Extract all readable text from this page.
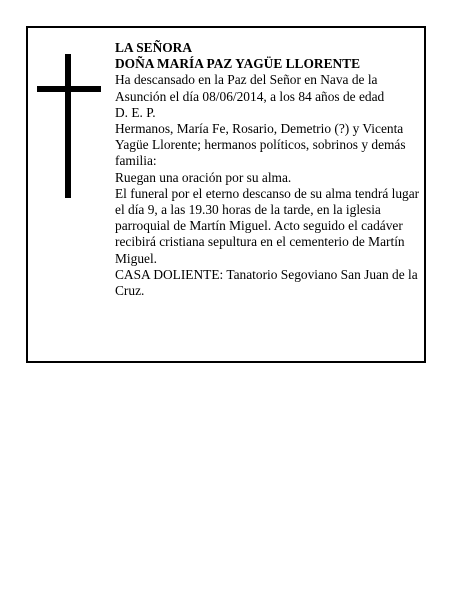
LA SEÑORA

DOÑA MARÍA PAZ YAGÜE LLORENTE

Ha descansado en la Paz del Señor en Nava de la Asunción el día 08/06/2014, a los 84 años de edad

D. E. P.

Hermanos, María Fe, Rosario, Demetrio (?) y Vicenta Yagüe Llorente; hermanos políticos, sobrinos y demás familia:

Ruegan una oración por su alma.

El funeral por el eterno descanso de su alma tendrá lugar el día 9, a las 19.30 horas de la tarde, en la iglesia parroquial de Martín Miguel. Acto seguido el cadáver recibirá cristiana sepultura en el cementerio de Martín Miguel.

CASA DOLIENTE: Tanatorio Segoviano San Juan de la Cruz.
